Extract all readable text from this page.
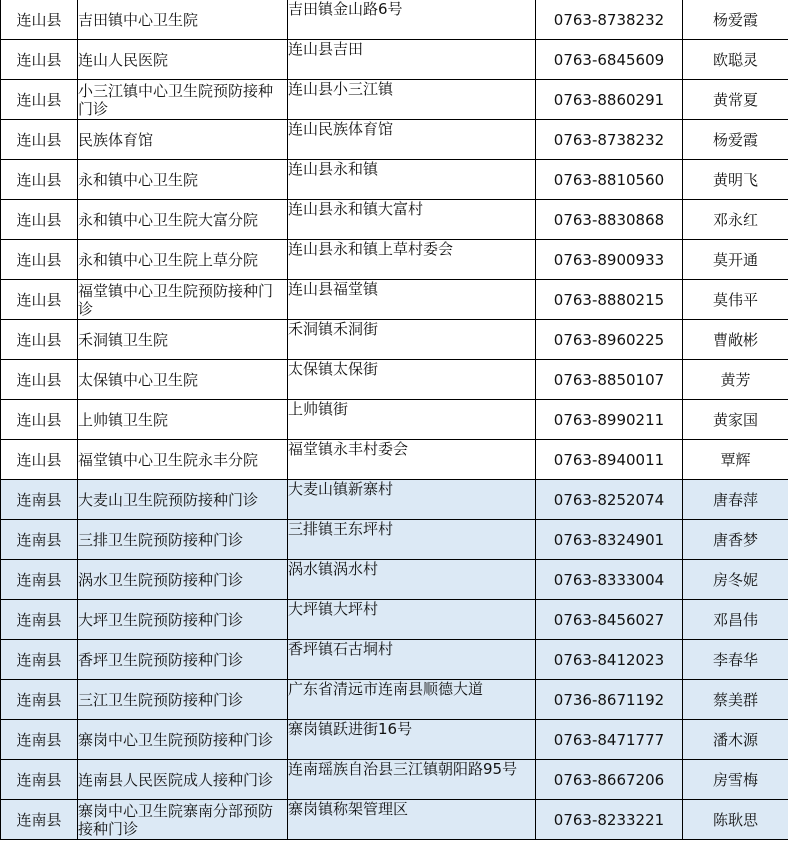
连山县	吉田镇中心卫生院	吉田镇金山路6号	0763-8738232	杨爱霞
连山县	连山人民医院	连山县吉田	0763-6845609	欧聪灵
连山县	小三江镇中心卫生院预防接种门诊	连山县小三江镇	0763-8860291	黄常夏
连山县	民族体育馆	连山民族体育馆	0763-8738232	杨爱霞
连山县	永和镇中心卫生院	连山县永和镇	0763-8810560	黄明飞
连山县	永和镇中心卫生院大富分院	连山县永和镇大富村	0763-8830868	邓永红
连山县	永和镇中心卫生院上草分院	连山县永和镇上草村委会	0763-8900933	莫开通
连山县	福堂镇中心卫生院预防接种门诊	连山县福堂镇	0763-8880215	莫伟平
连山县	禾洞镇卫生院	禾洞镇禾洞街	0763-8960225	曹敞彬
连山县	太保镇中心卫生院	太保镇太保街	0763-8850107	黄芳
连山县	上帅镇卫生院	上帅镇街	0763-8990211	黄家国
连山县	福堂镇中心卫生院永丰分院	福堂镇永丰村委会	0763-8940011	覃辉
连南县	大麦山卫生院预防接种门诊	大麦山镇新寨村	0763-8252074	唐春萍
连南县	三排卫生院预防接种门诊	三排镇王东坪村	0763-8324901	唐香梦
连南县	涡水卫生院预防接种门诊	涡水镇涡水村	0763-8333004	房冬妮
连南县	大坪卫生院预防接种门诊	大坪镇大坪村	0763-8456027	邓昌伟
连南县	香坪卫生院预防接种门诊	香坪镇石古垌村	0763-8412023	李春华
连南县	三江卫生院预防接种门诊	广东省清远市连南县顺德大道	0736-8671192	蔡美群
连南县	寨岗中心卫生院预防接种门诊	寨岗镇跃进街16号	0763-8471777	潘木源
连南县	连南县人民医院成人接种门诊	连南瑶族自治县三江镇朝阳路95号	0763-8667206	房雪梅
连南县	寨岗中心卫生院寨南分部预防接种门诊	寨岗镇称架管理区	0763-8233221	陈耿思
